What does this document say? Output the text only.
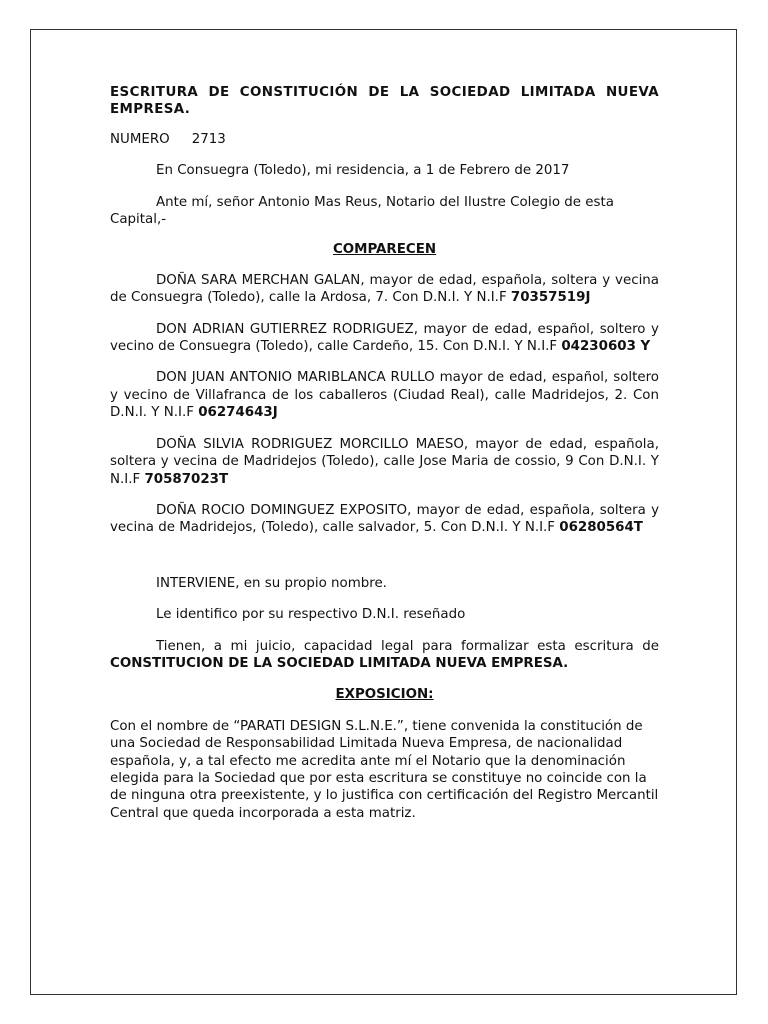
ESCRITURA DE CONSTITUCIÓN DE LA SOCIEDAD LIMITADA NUEVA EMPRESA.

NUMERO 2713

En Consuegra (Toledo), mi residencia, a 1 de Febrero de 2017

Ante mí, señor Antonio Mas Reus, Notario del Ilustre Colegio de esta Capital,-

COMPARECEN

DOÑA SARA MERCHAN GALAN, mayor de edad, española, soltera y vecina de Consuegra (Toledo), calle la Ardosa, 7. Con D.N.I. Y N.I.F 70357519J

DON ADRIAN GUTIERREZ RODRIGUEZ, mayor de edad, español, soltero y vecino de Consuegra (Toledo), calle Cardeño, 15. Con D.N.I. Y N.I.F 04230603 Y

DON JUAN ANTONIO MARIBLANCA RULLO mayor de edad, español, soltero y vecino de Villafranca de los caballeros (Ciudad Real), calle Madridejos, 2. Con D.N.I. Y N.I.F 06274643J

DOÑA SILVIA RODRIGUEZ MORCILLO MAESO, mayor de edad, española, soltera y vecina de Madridejos (Toledo), calle Jose Maria de cossio, 9 Con D.N.I. Y N.I.F 70587023T

DOÑA ROCIO DOMINGUEZ EXPOSITO, mayor de edad, española, soltera y vecina de Madridejos, (Toledo), calle salvador, 5. Con D.N.I. Y N.I.F 06280564T

INTERVIENE, en su propio nombre.

Le identifico por su respectivo D.N.I. reseñado

Tienen, a mi juicio, capacidad legal para formalizar esta escritura de CONSTITUCION DE LA SOCIEDAD LIMITADA NUEVA EMPRESA.

EXPOSICION:

Con el nombre de “PARATI DESIGN S.L.N.E.”, tiene convenida la constitución de una Sociedad de Responsabilidad Limitada Nueva Empresa, de nacionalidad española, y, a tal efecto me acredita ante mí el Notario que la denominación elegida para la Sociedad que por esta escritura se constituye no coincide con la de ninguna otra preexistente, y lo justifica con certificación del Registro Mercantil Central que queda incorporada a esta matriz.
